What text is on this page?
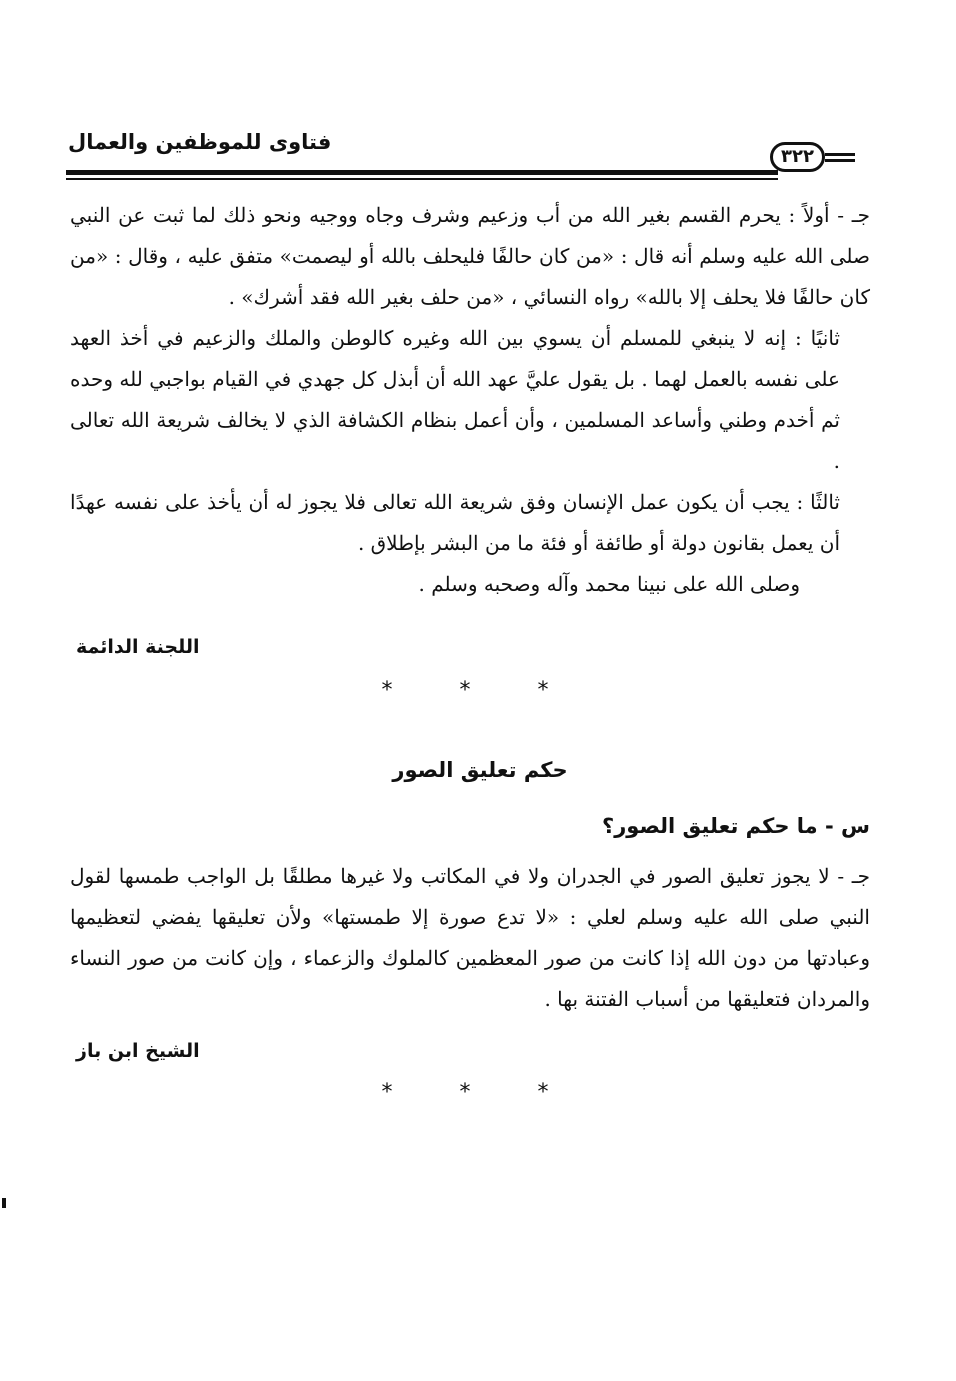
فتاوى للموظفين والعمال
٣٢٢

جـ - أولاً : يحرم القسم بغير الله من أب وزعيم وشرف وجاه ووجيه ونحو ذلك لما ثبت عن النبي صلى الله عليه وسلم أنه قال : «من كان حالفًا فليحلف بالله أو ليصمت» متفق عليه ، وقال : «من كان حالفًا فلا يحلف إلا بالله» رواه النسائي ، «من حلف بغير الله فقد أشرك» .

ثانيًا : إنه لا ينبغي للمسلم أن يسوي بين الله وغيره كالوطن والملك والزعيم في أخذ العهد على نفسه بالعمل لهما . بل يقول عليَّ عهد الله أن أبذل كل جهدي في القيام بواجبي لله وحده ثم أخدم وطني وأساعد المسلمين ، وأن أعمل بنظام الكشافة الذي لا يخالف شريعة الله تعالى .

ثالثًا : يجب أن يكون عمل الإنسان وفق شريعة الله تعالى فلا يجوز له أن يأخذ على نفسه عهدًا أن يعمل بقانون دولة أو طائفة أو فئة ما من البشر بإطلاق .

وصلى الله على نبينا محمد وآله وصحبه وسلم .

اللجنة الدائمة
* * *
حكم تعليق الصور
س - ما حكم تعليق الصور؟

جـ - لا يجوز تعليق الصور في الجدران ولا في المكاتب ولا غيرها مطلقًا بل الواجب طمسها لقول النبي صلى الله عليه وسلم لعلي : «لا تدع صورة إلا طمستها» ولأن تعليقها يفضي لتعظيمها وعبادتها من دون الله إذا كانت من صور المعظمين كالملوك والزعماء ، وإن كانت من صور النساء والمردان فتعليقها من أسباب الفتنة بها .

الشيخ ابن باز
* * *
